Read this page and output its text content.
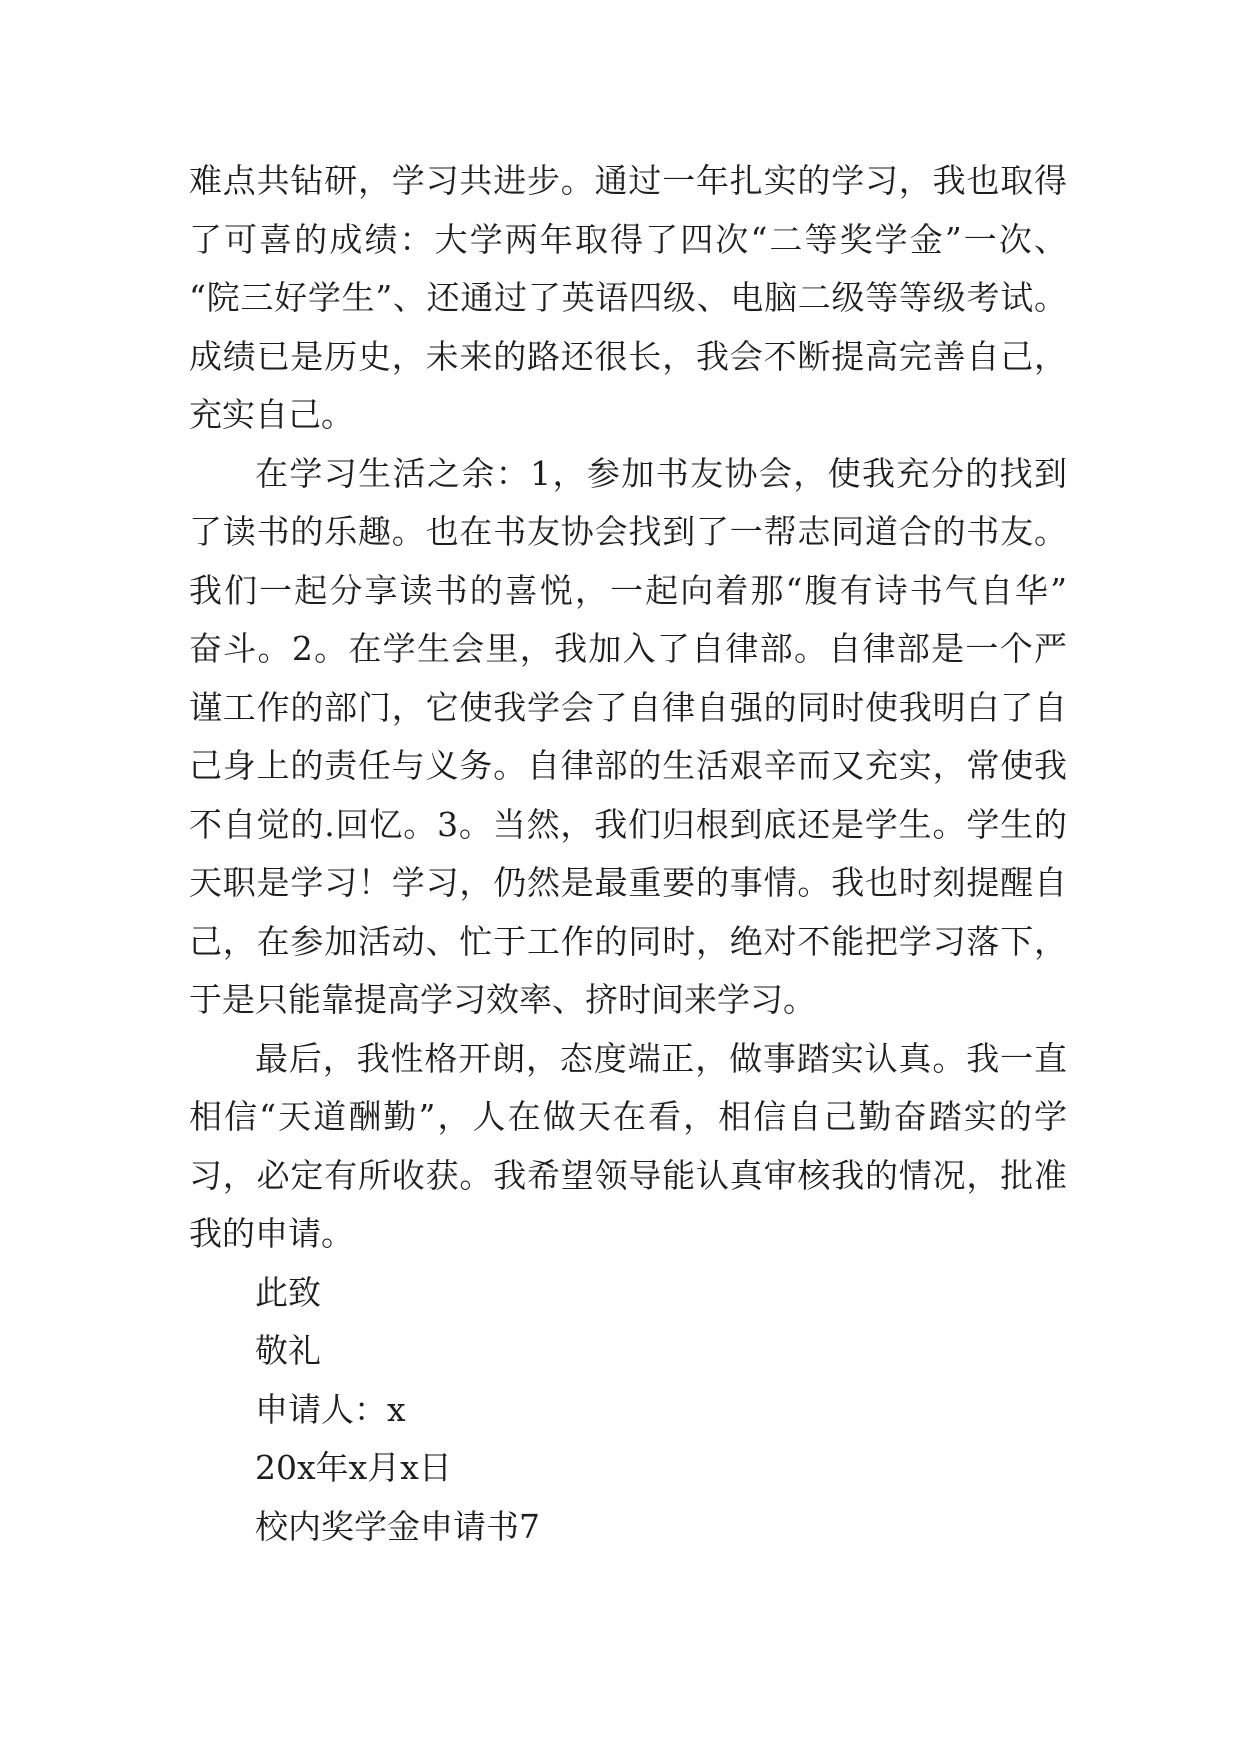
难点共钻研，学习共进步。通过一年扎实的学习，我也取得
了可喜的成绩：大学两年取得了四次“二等奖学金”一次、
“院三好学生”、还通过了英语四级、电脑二级等等级考试。
成绩已是历史，未来的路还很长，我会不断提高完善自己，
充实自己。
在学习生活之余：1，参加书友协会，使我充分的找到
了读书的乐趣。也在书友协会找到了一帮志同道合的书友。
我们一起分享读书的喜悦，一起向着那“腹有诗书气自华”
奋斗。2。在学生会里，我加入了自律部。自律部是一个严
谨工作的部门，它使我学会了自律自强的同时使我明白了自
己身上的责任与义务。自律部的生活艰辛而又充实，常使我
不自觉的.回忆。3。当然，我们归根到底还是学生。学生的
天职是学习！学习，仍然是最重要的事情。我也时刻提醒自
己，在参加活动、忙于工作的同时，绝对不能把学习落下，
于是只能靠提高学习效率、挤时间来学习。
最后，我性格开朗，态度端正，做事踏实认真。我一直
相信“天道酬勤”，人在做天在看，相信自己勤奋踏实的学
习，必定有所收获。我希望领导能认真审核我的情况，批准
我的申请。
此致
敬礼
申请人：x
20x年x月x日
校内奖学金申请书7
